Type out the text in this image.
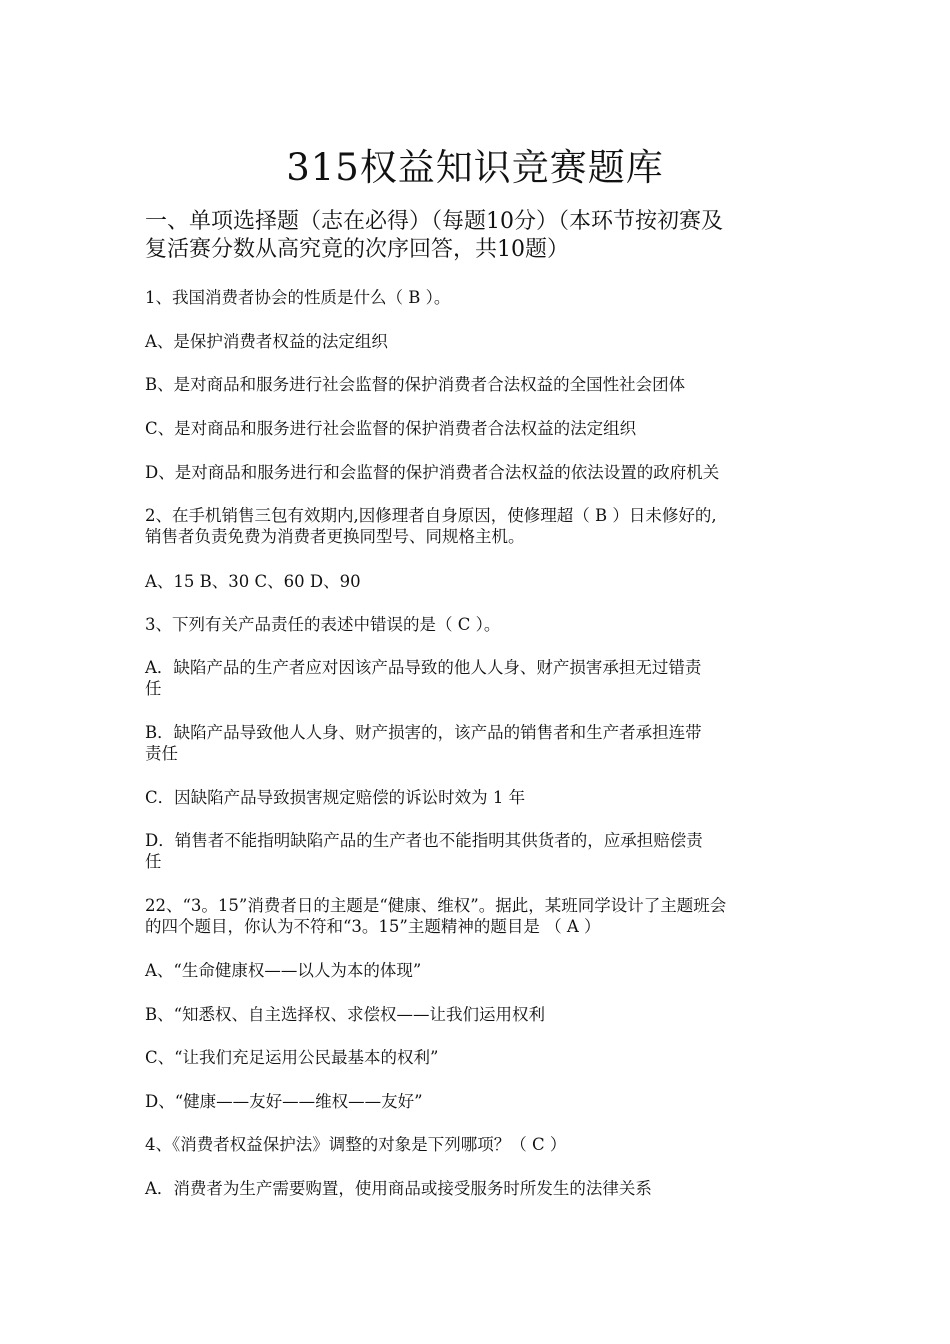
315权益知识竞赛题库
一、单项选择题（志在必得）（每题10分）（本环节按初赛及
复活赛分数从高究竟的次序回答，共10题）
1、我国消费者协会的性质是什么（ B ）。
A、是保护消费者权益的法定组织
B、是对商品和服务进行社会监督的保护消费者合法权益的全国性社会团体
C、是对商品和服务进行社会监督的保护消费者合法权益的法定组织
D、是对商品和服务进行和会监督的保护消费者合法权益的依法设置的政府机关
2、在手机销售三包有效期内,因修理者自身原因，使修理超（ B ）日未修好的,
销售者负责免费为消费者更换同型号、同规格主机。
A、15 B、30 C、60 D、90
3、下列有关产品责任的表述中错误的是（ C ）。
A．缺陷产品的生产者应对因该产品导致的他人人身、财产损害承担无过错责
任
B．缺陷产品导致他人人身、财产损害的，该产品的销售者和生产者承担连带
责任
C．因缺陷产品导致损害规定赔偿的诉讼时效为 1 年
D．销售者不能指明缺陷产品的生产者也不能指明其供货者的，应承担赔偿责
任
22、“3。15”消费者日的主题是“健康、维权”。据此，某班同学设计了主题班会
的四个题目，你认为不符和“3。15”主题精神的题目是 （ A ）
A、“生命健康权——以人为本的体现”
B、“知悉权、自主选择权、求偿权——让我们运用权利
C、“让我们充足运用公民最基本的权利”
D、“健康——友好——维权——友好”
4、《消费者权益保护法》调整的对象是下列哪项？（ C ）
A．消费者为生产需要购置，使用商品或接受服务时所发生的法律关系
